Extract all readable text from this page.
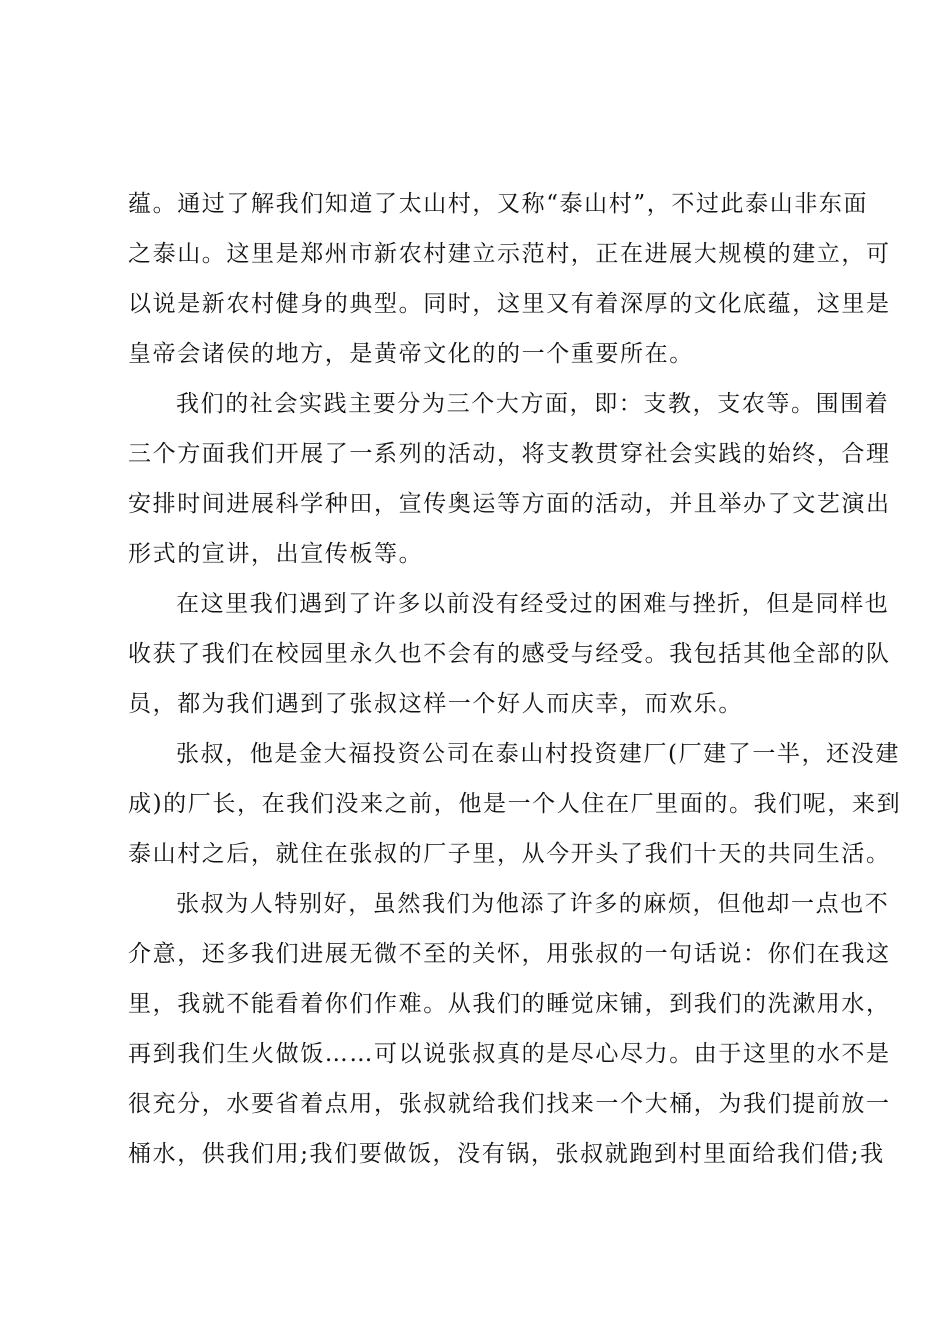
蕴。通过了解我们知道了太山村，又称“泰山村”，不过此泰山非东面
之泰山。这里是郑州市新农村建立示范村，正在进展大规模的建立，可
以说是新农村健身的典型。同时，这里又有着深厚的文化底蕴，这里是
皇帝会诸侯的地方，是黄帝文化的的一个重要所在。
我们的社会实践主要分为三个大方面，即：支教，支农等。围围着
三个方面我们开展了一系列的活动，将支教贯穿社会实践的始终，合理
安排时间进展科学种田，宣传奥运等方面的活动，并且举办了文艺演出
形式的宣讲，出宣传板等。
在这里我们遇到了许多以前没有经受过的困难与挫折，但是同样也
收获了我们在校园里永久也不会有的感受与经受。我包括其他全部的队
员，都为我们遇到了张叔这样一个好人而庆幸，而欢乐。
张叔，他是金大福投资公司在泰山村投资建厂(厂建了一半，还没建
成)的厂长，在我们没来之前，他是一个人住在厂里面的。我们呢，来到
泰山村之后，就住在张叔的厂子里，从今开头了我们十天的共同生活。
张叔为人特别好，虽然我们为他添了许多的麻烦，但他却一点也不
介意，还多我们进展无微不至的关怀，用张叔的一句话说：你们在我这
里，我就不能看着你们作难。从我们的睡觉床铺，到我们的洗漱用水，
再到我们生火做饭……可以说张叔真的是尽心尽力。由于这里的水不是
很充分，水要省着点用，张叔就给我们找来一个大桶，为我们提前放一
桶水，供我们用;我们要做饭，没有锅，张叔就跑到村里面给我们借;我
